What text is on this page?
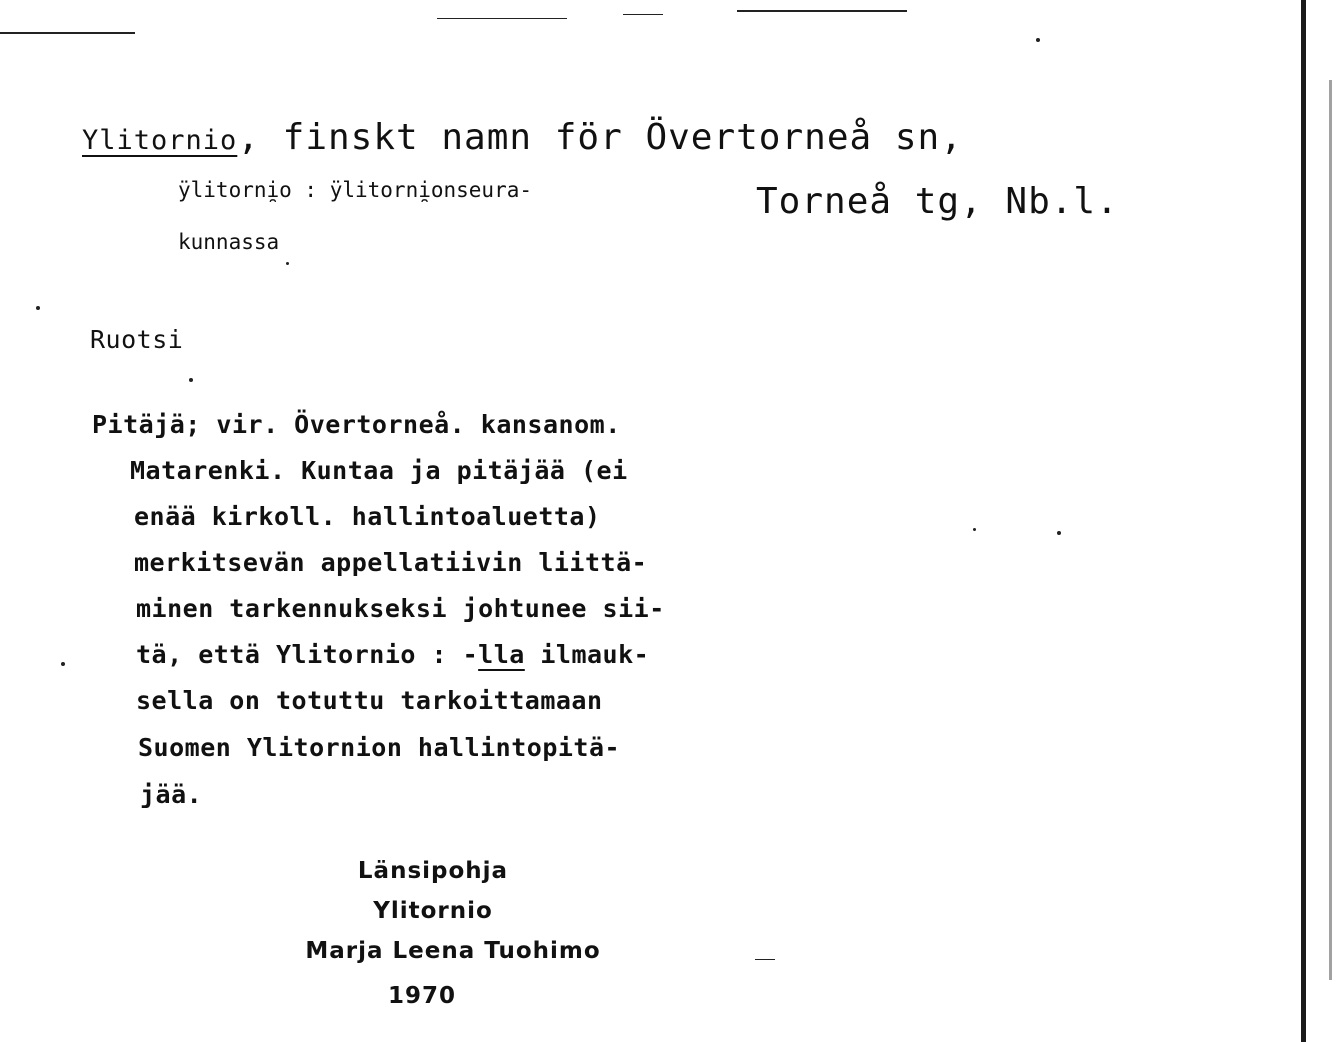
Ylitornio, finskt namn för Övertorneå sn,
ÿlitorni̯o : ÿlitorni̯onseura-	Torneå tg, Nb.l.
kunnassa
Ruotsi
Pitäjä; vir. Övertorneå. kansanom.
Matarenki. Kuntaa ja pitäjää (ei
enää kirkoll. hallintoaluetta)
merkitsevän appellatiivin liittä-
minen tarkennukseksi johtunee sii-
tä, että Ylitornio : -lla ilmauk-
sella on totuttu tarkoittamaan
Suomen Ylitornion hallintopitä-
jää.
Länsipohja
Ylitornio
Marja Leena Tuohimo
1970
